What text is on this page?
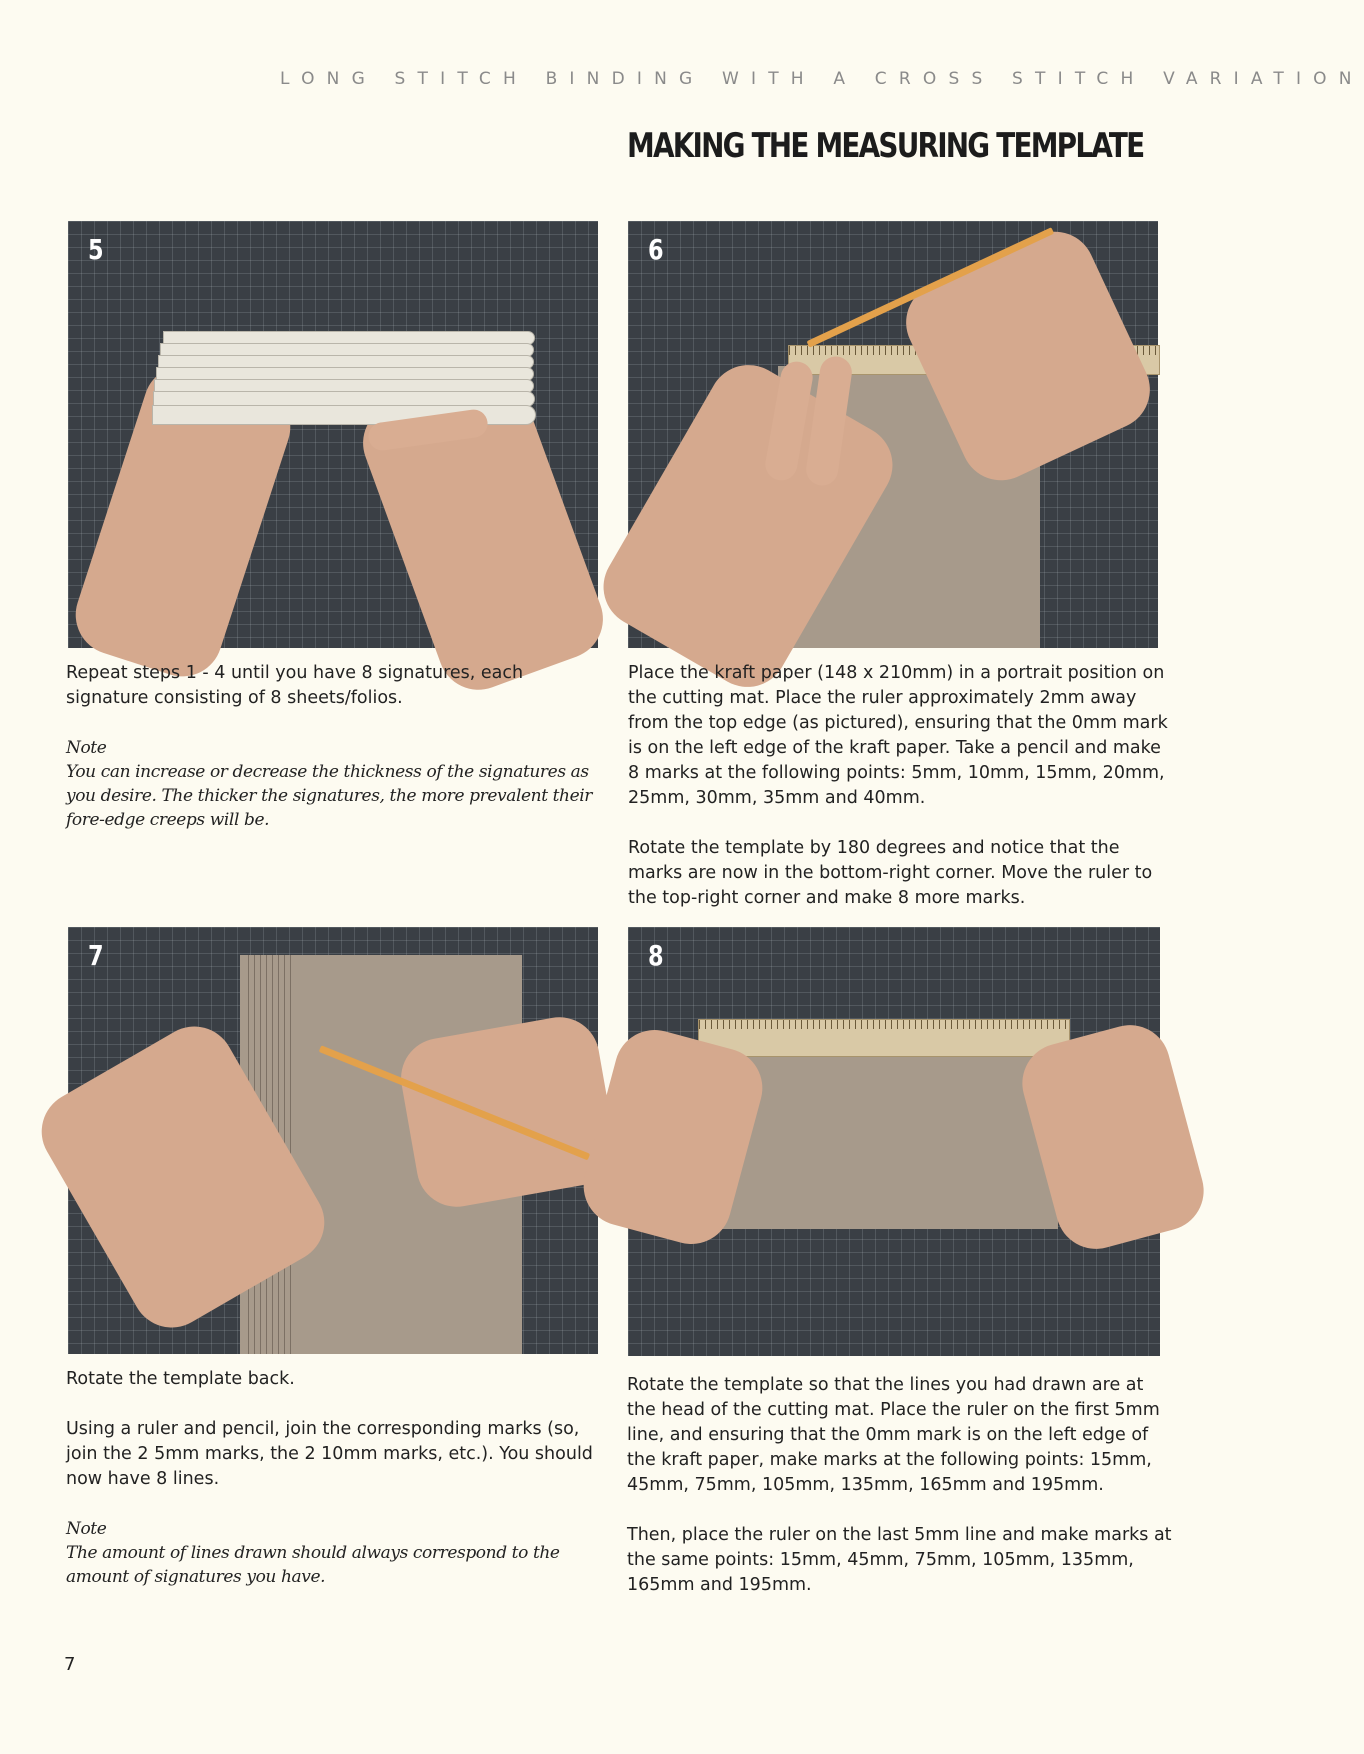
LONG STITCH BINDING WITH A CROSS STITCH VARIATION
MAKING THE MEASURING TEMPLATE
5	6
7	8

Repeat steps 1 - 4 until you have 8 signatures, each signature consisting of 8 sheets/folios.

Note
You can increase or decrease the thickness of the signatures as you desire. The thicker the signatures, the more prevalent their fore-edge creeps will be.

Place the kraft paper (148 x 210mm) in a portrait position on the cutting mat. Place the ruler approximately 2mm away from the top edge (as pictured), ensuring that the 0mm mark is on the left edge of the kraft paper. Take a pencil and make 8 marks at the following points: 5mm, 10mm, 15mm, 20mm, 25mm, 30mm, 35mm and 40mm.

Rotate the template by 180 degrees and notice that the marks are now in the bottom-right corner. Move the ruler to the top-right corner and make 8 more marks.

Rotate the template back.

Using a ruler and pencil, join the corresponding marks (so, join the 2 5mm marks, the 2 10mm marks, etc.). You should now have 8 lines.

Note
The amount of lines drawn should always correspond to the amount of signatures you have.

Rotate the template so that the lines you had drawn are at the head of the cutting mat. Place the ruler on the first 5mm line, and ensuring that the 0mm mark is on the left edge of the kraft paper, make marks at the following points: 15mm, 45mm, 75mm, 105mm, 135mm, 165mm and 195mm.

Then, place the ruler on the last 5mm line and make marks at the same points: 15mm, 45mm, 75mm, 105mm, 135mm, 165mm and 195mm.

7
